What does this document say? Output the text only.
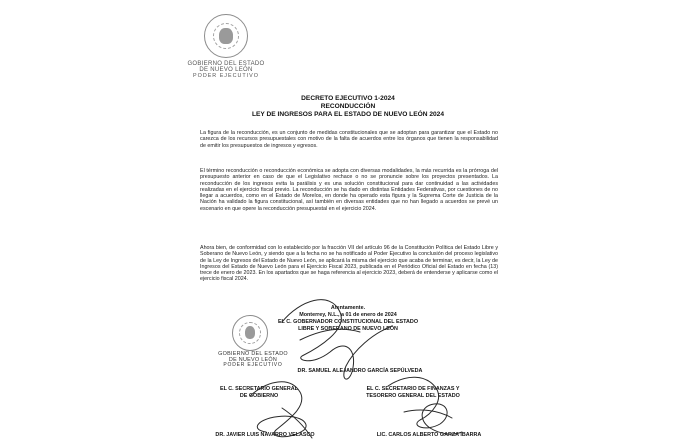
GOBIERNO DEL ESTADO
DE NUEVO LEÓN
PODER EJECUTIVO
DECRETO EJECUTIVO 1-2024
RECONDUCCIÓN
LEY DE INGRESOS PARA EL ESTADO DE NUEVO LEÓN 2024
La figura de la reconducción, es un conjunto de medidas constitucionales que se adoptan para garantizar que el Estado no carezca de los recursos presupuestales con motivo de la falta de acuerdos entre los órganos que tienen la responsabilidad de emitir los presupuestos de ingresos y egresos.
El término reconducción o reconducción económica se adopta con diversas modalidades, la más recurrida es la prórroga del presupuesto anterior en caso de que el Legislativo rechace o no se pronuncie sobre los proyectos presentados. La reconducción de los ingresos evita la parálisis y es una solución constitucional para dar continuidad a las actividades realizadas en el ejercicio fiscal previo. La reconducción se ha dado en distintas Entidades Federativas, por cuestiones de no llegar a acuerdos, como en el Estado de Morelos, en donde ha operado esta figura y la Suprema Corte de Justicia de la Nación ha validado la figura constitucional, así también en diversas entidades que no han llegado a acuerdos se prevé un escenario en que opere la reconducción presupuestal en el ejercicio 2024.
Ahora bien, de conformidad con lo establecido por la fracción VII del artículo 96 de la Constitución Política del Estado Libre y Soberano de Nuevo León, y siendo que a la fecha no se ha notificado al Poder Ejecutivo la conclusión del proceso legislativo de la Ley de Ingresos del Estado de Nuevo León, se aplicará la misma del ejercicio que acaba de terminar, es decir, la Ley de Ingresos del Estado de Nuevo León para el Ejercicio Fiscal 2023, publicada en el Periódico Oficial del Estado en fecha (13) trece de enero de 2023. En los apartados que se haga referencia al ejercicio 2023, deberá de entenderse y aplicarse como el ejercicio fiscal 2024.
Atentamente.
Monterrey, N.L., a 01 de enero de 2024
EL C. GOBERNADOR CONSTITUCIONAL DEL ESTADO
LIBRE Y SOBERANO DE NUEVO LEÓN
GOBIERNO DEL ESTADO
DE NUEVO LEÓN
PODER EJECUTIVO
DR. SAMUEL ALEJANDRO GARCÍA SEPÚLVEDA
EL C. SECRETARIO GENERAL
DE GOBIERNO
EL C. SECRETARIO DE FINANZAS Y
TESORERO GENERAL DEL ESTADO
DR. JAVIER LUIS NAVARRO VELASCO	LIC. CARLOS ALBERTO GARZA IBARRA
